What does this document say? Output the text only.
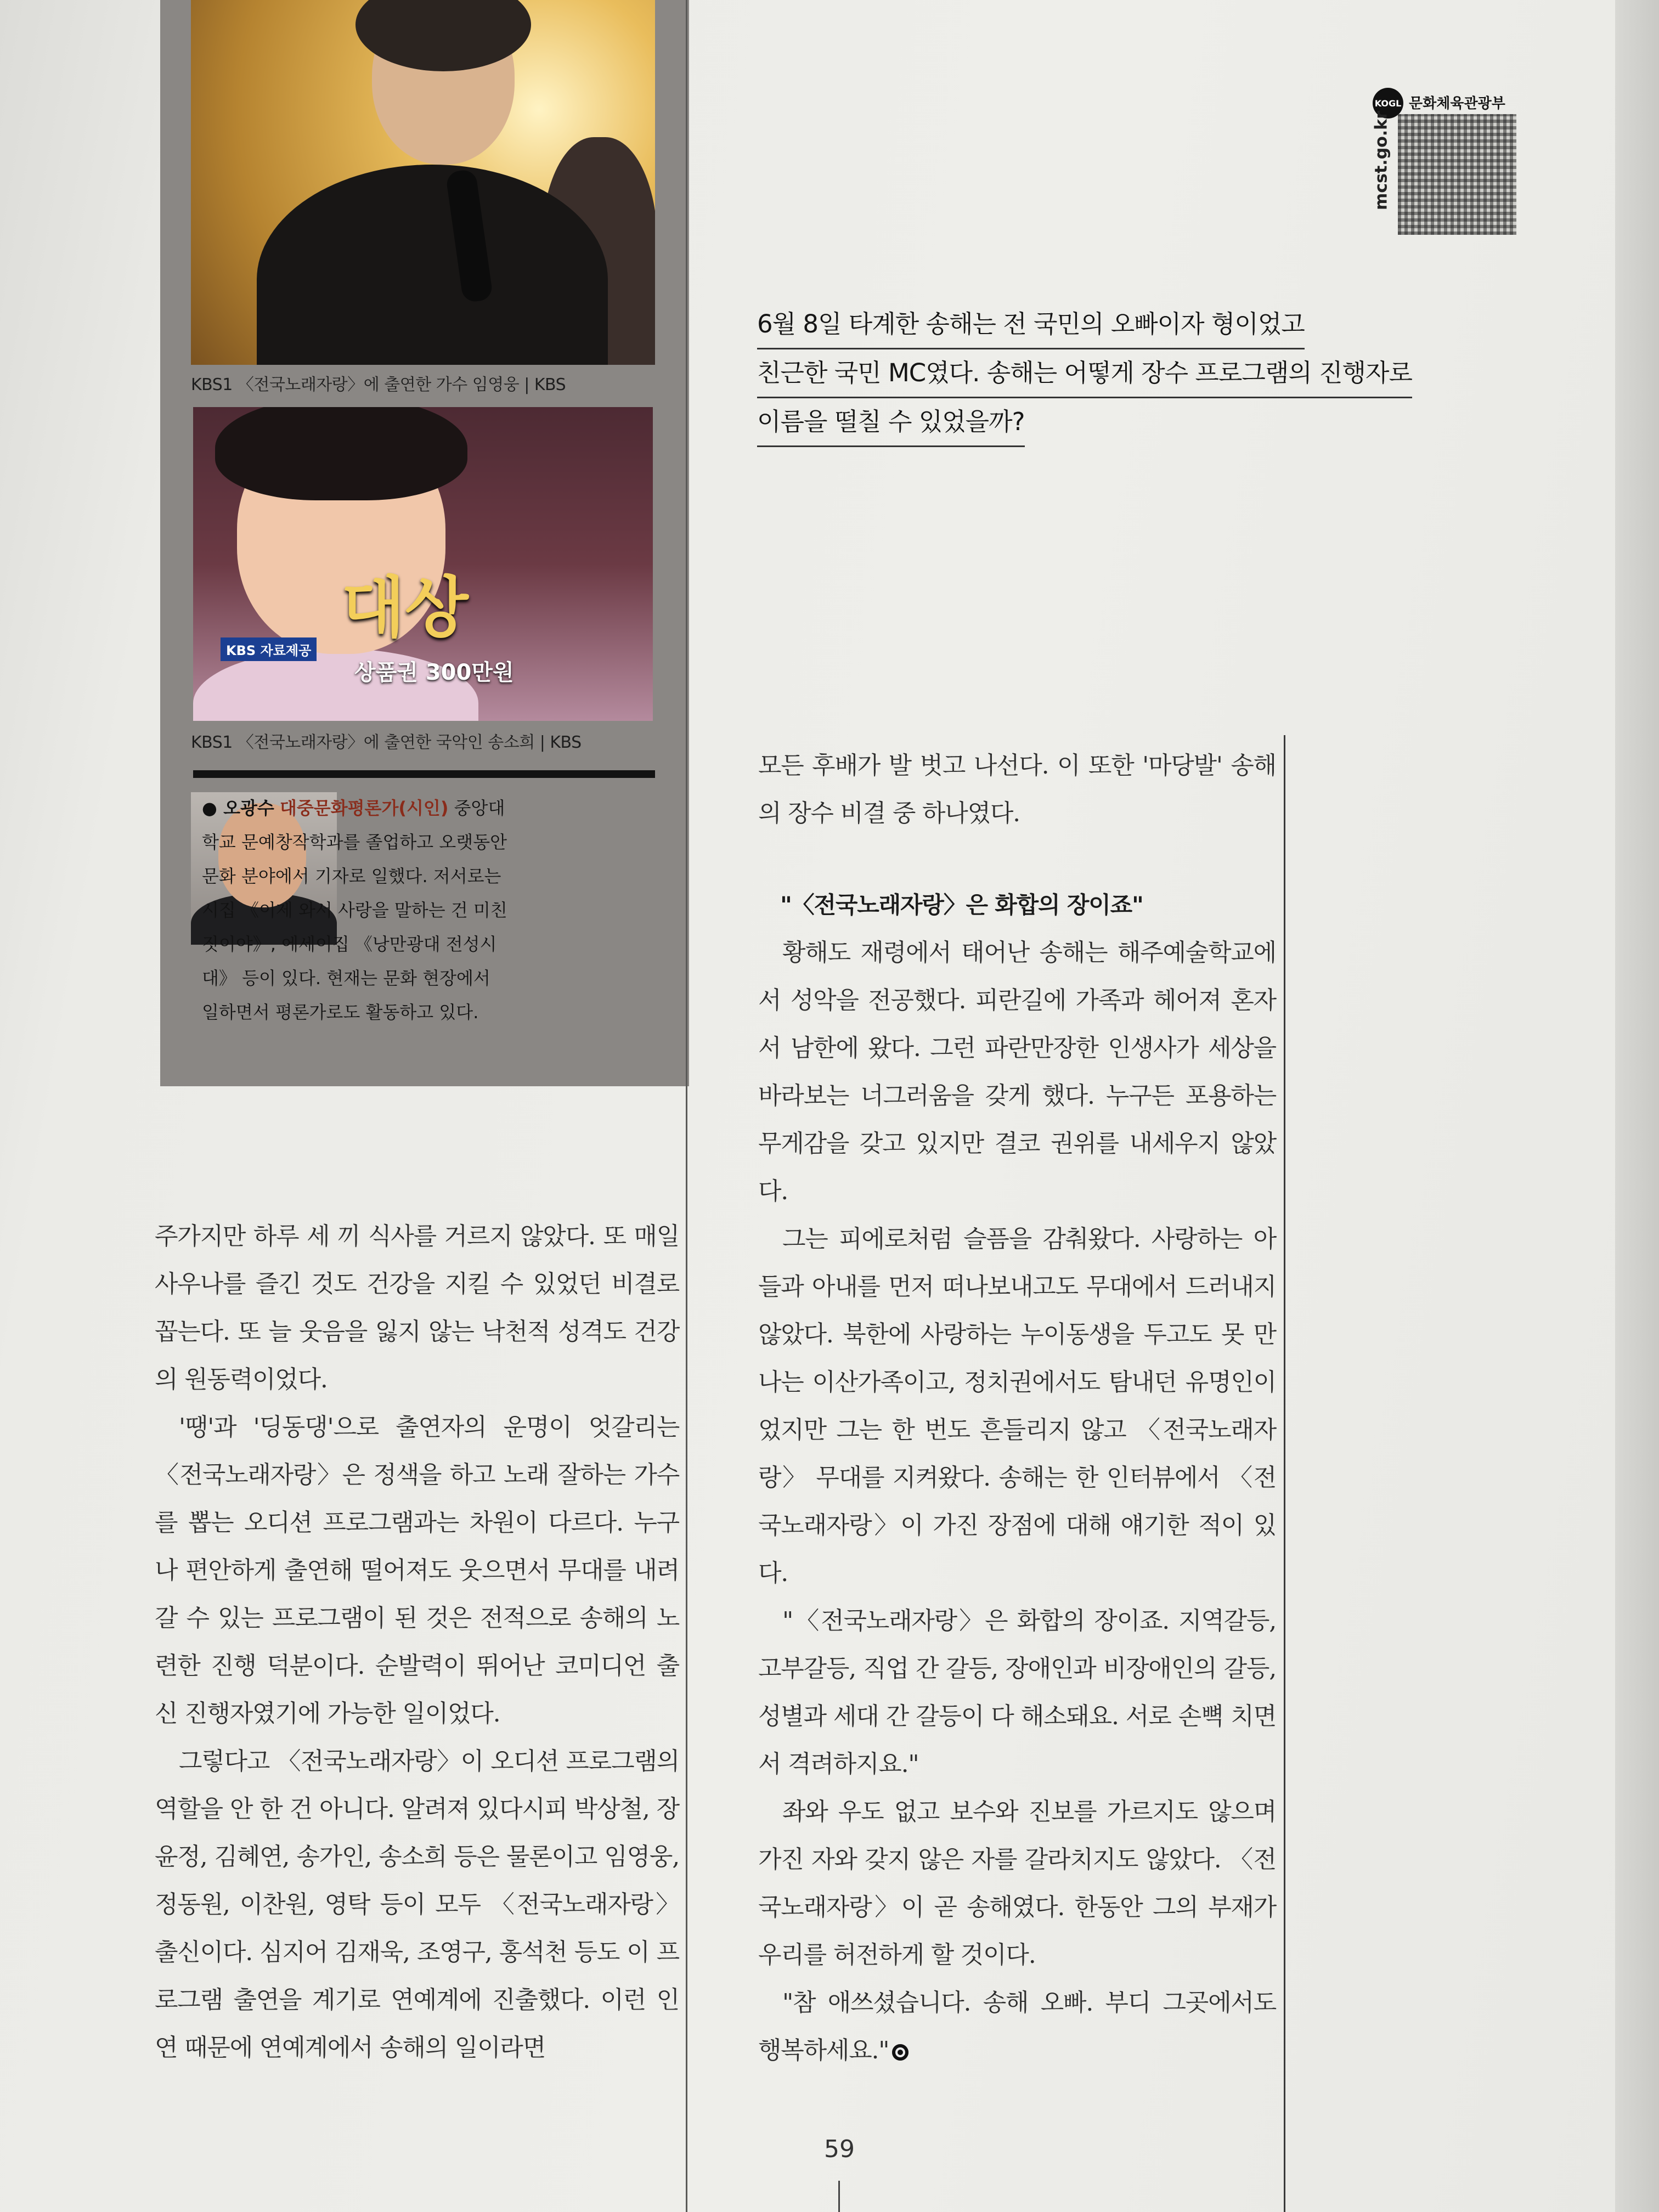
KBS1 〈전국노래자랑〉에 출연한 가수 임영웅 | KBS
대상
KBS 자료제공
상품권 300만원
KBS1 〈전국노래자랑〉에 출연한 국악인 송소희 | KBS
● 오광수 대중문화평론가(시인) 중앙대학교 문예창작학과를 졸업하고 오랫동안 문화 분야에서 기자로 일했다. 저서로는 시집 《이제 와서 사랑을 말하는 건 미친 짓이야》, 에세이집 《낭만광대 전성시대》 등이 있다. 현재는 문화 현장에서 일하면서 평론가로도 활동하고 있다.
KOGL 문화체육관광부
mcst.go.kr
6월 8일 타계한 송해는 전 국민의 오빠이자 형이었고
친근한 국민 MC였다. 송해는 어떻게 장수 프로그램의 진행자로
이름을 떨칠 수 있었을까?

주가지만 하루 세 끼 식사를 거르지 않았다. 또 매일 사우나를 즐긴 것도 건강을 지킬 수 있었던 비결로 꼽는다. 또 늘 웃음을 잃지 않는 낙천적 성격도 건강의 원동력이었다.

'땡'과 '딩동댕'으로 출연자의 운명이 엇갈리는 〈전국노래자랑〉은 정색을 하고 노래 잘하는 가수를 뽑는 오디션 프로그램과는 차원이 다르다. 누구나 편안하게 출연해 떨어져도 웃으면서 무대를 내려갈 수 있는 프로그램이 된 것은 전적으로 송해의 노련한 진행 덕분이다. 순발력이 뛰어난 코미디언 출신 진행자였기에 가능한 일이었다.

그렇다고 〈전국노래자랑〉이 오디션 프로그램의 역할을 안 한 건 아니다. 알려져 있다시피 박상철, 장윤정, 김혜연, 송가인, 송소희 등은 물론이고 임영웅, 정동원, 이찬원, 영탁 등이 모두 〈전국노래자랑〉 출신이다. 심지어 김재욱, 조영구, 홍석천 등도 이 프로그램 출연을 계기로 연예계에 진출했다. 이런 인연 때문에 연예계에서 송해의 일이라면

모든 후배가 발 벗고 나선다. 이 또한 '마당발' 송해의 장수 비결 중 하나였다.

"〈전국노래자랑〉은 화합의 장이죠"

황해도 재령에서 태어난 송해는 해주예술학교에서 성악을 전공했다. 피란길에 가족과 헤어져 혼자서 남한에 왔다. 그런 파란만장한 인생사가 세상을 바라보는 너그러움을 갖게 했다. 누구든 포용하는 무게감을 갖고 있지만 결코 권위를 내세우지 않았다.

그는 피에로처럼 슬픔을 감춰왔다. 사랑하는 아들과 아내를 먼저 떠나보내고도 무대에서 드러내지 않았다. 북한에 사랑하는 누이동생을 두고도 못 만나는 이산가족이고, 정치권에서도 탐내던 유명인이었지만 그는 한 번도 흔들리지 않고 〈전국노래자랑〉 무대를 지켜왔다. 송해는 한 인터뷰에서 〈전국노래자랑〉이 가진 장점에 대해 얘기한 적이 있다.

"〈전국노래자랑〉은 화합의 장이죠. 지역갈등, 고부갈등, 직업 간 갈등, 장애인과 비장애인의 갈등, 성별과 세대 간 갈등이 다 해소돼요. 서로 손뼉 치면서 격려하지요."

좌와 우도 없고 보수와 진보를 가르지도 않으며 가진 자와 갖지 않은 자를 갈라치지도 않았다. 〈전국노래자랑〉이 곧 송해였다. 한동안 그의 부재가 우리를 허전하게 할 것이다.

"참 애쓰셨습니다. 송해 오빠. 부디 그곳에서도 행복하세요."

59
